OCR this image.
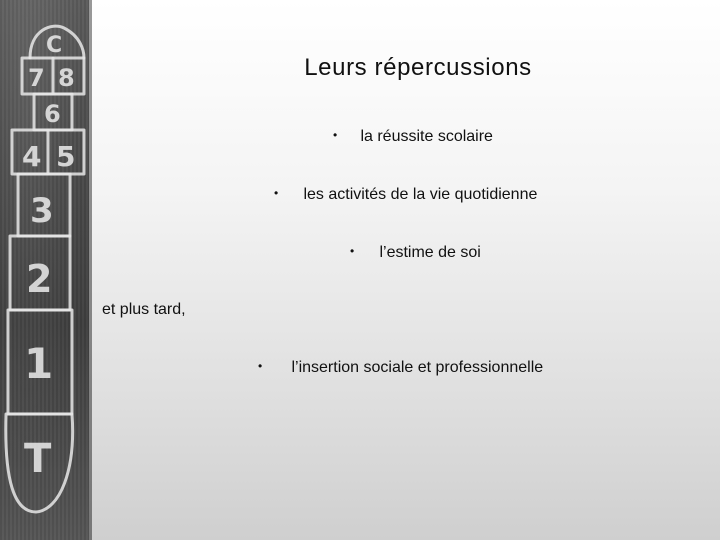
C
7 8
6
4 5
3
2
1
T
Leurs répercussions
• la réussite scolaire
• les activités de la vie quotidienne
• l’estime de soi
et plus tard,
• l’insertion sociale et professionnelle
